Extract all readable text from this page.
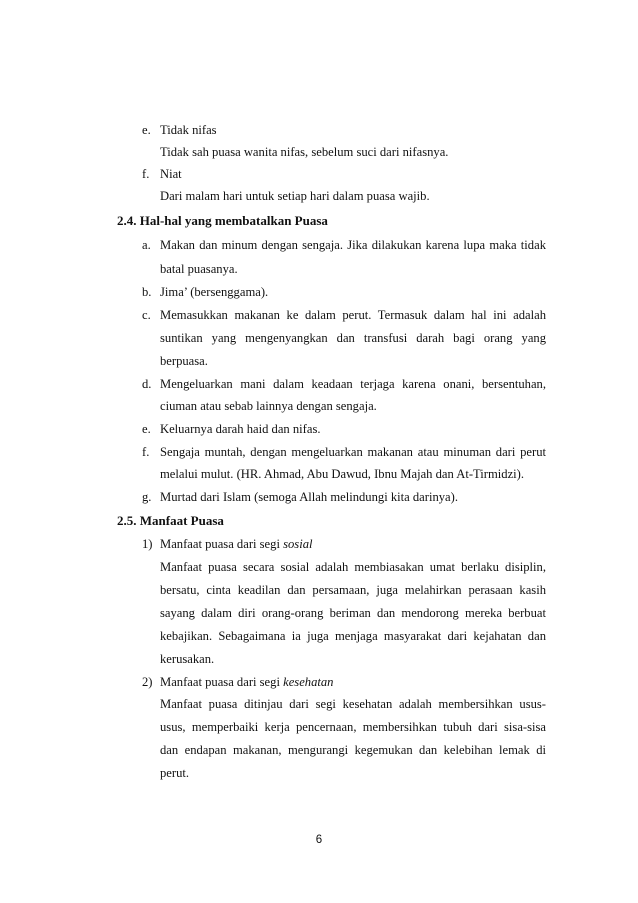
e. Tidak nifas
Tidak sah puasa wanita nifas, sebelum suci dari nifasnya.
f. Niat
Dari malam hari untuk setiap hari dalam puasa wajib.
2.4. Hal-hal yang membatalkan Puasa
a. Makan dan minum dengan sengaja. Jika dilakukan karena lupa maka tidak
batal puasanya.
b. Jima’ (bersenggama).
c. Memasukkan makanan ke dalam perut. Termasuk dalam hal ini adalah
suntikan yang mengenyangkan dan transfusi darah bagi orang yang
berpuasa.
d. Mengeluarkan mani dalam keadaan terjaga karena onani, bersentuhan,
ciuman atau sebab lainnya dengan sengaja.
e. Keluarnya darah haid dan nifas.
f. Sengaja muntah, dengan mengeluarkan makanan atau minuman dari perut
melalui mulut. (HR. Ahmad, Abu Dawud, Ibnu Majah dan At-Tirmidzi).
g. Murtad dari Islam (semoga Allah melindungi kita darinya).
2.5. Manfaat Puasa
1) Manfaat puasa dari segi sosial
Manfaat puasa secara sosial adalah membiasakan umat berlaku disiplin,
bersatu, cinta keadilan dan persamaan, juga melahirkan perasaan kasih
sayang dalam diri orang-orang beriman dan mendorong mereka berbuat
kebajikan. Sebagaimana ia juga menjaga masyarakat dari kejahatan dan
kerusakan.
2) Manfaat puasa dari segi kesehatan
Manfaat puasa ditinjau dari segi kesehatan adalah membersihkan usus-
usus, memperbaiki kerja pencernaan, membersihkan tubuh dari sisa-sisa
dan endapan makanan, mengurangi kegemukan dan kelebihan lemak di
perut.
6
